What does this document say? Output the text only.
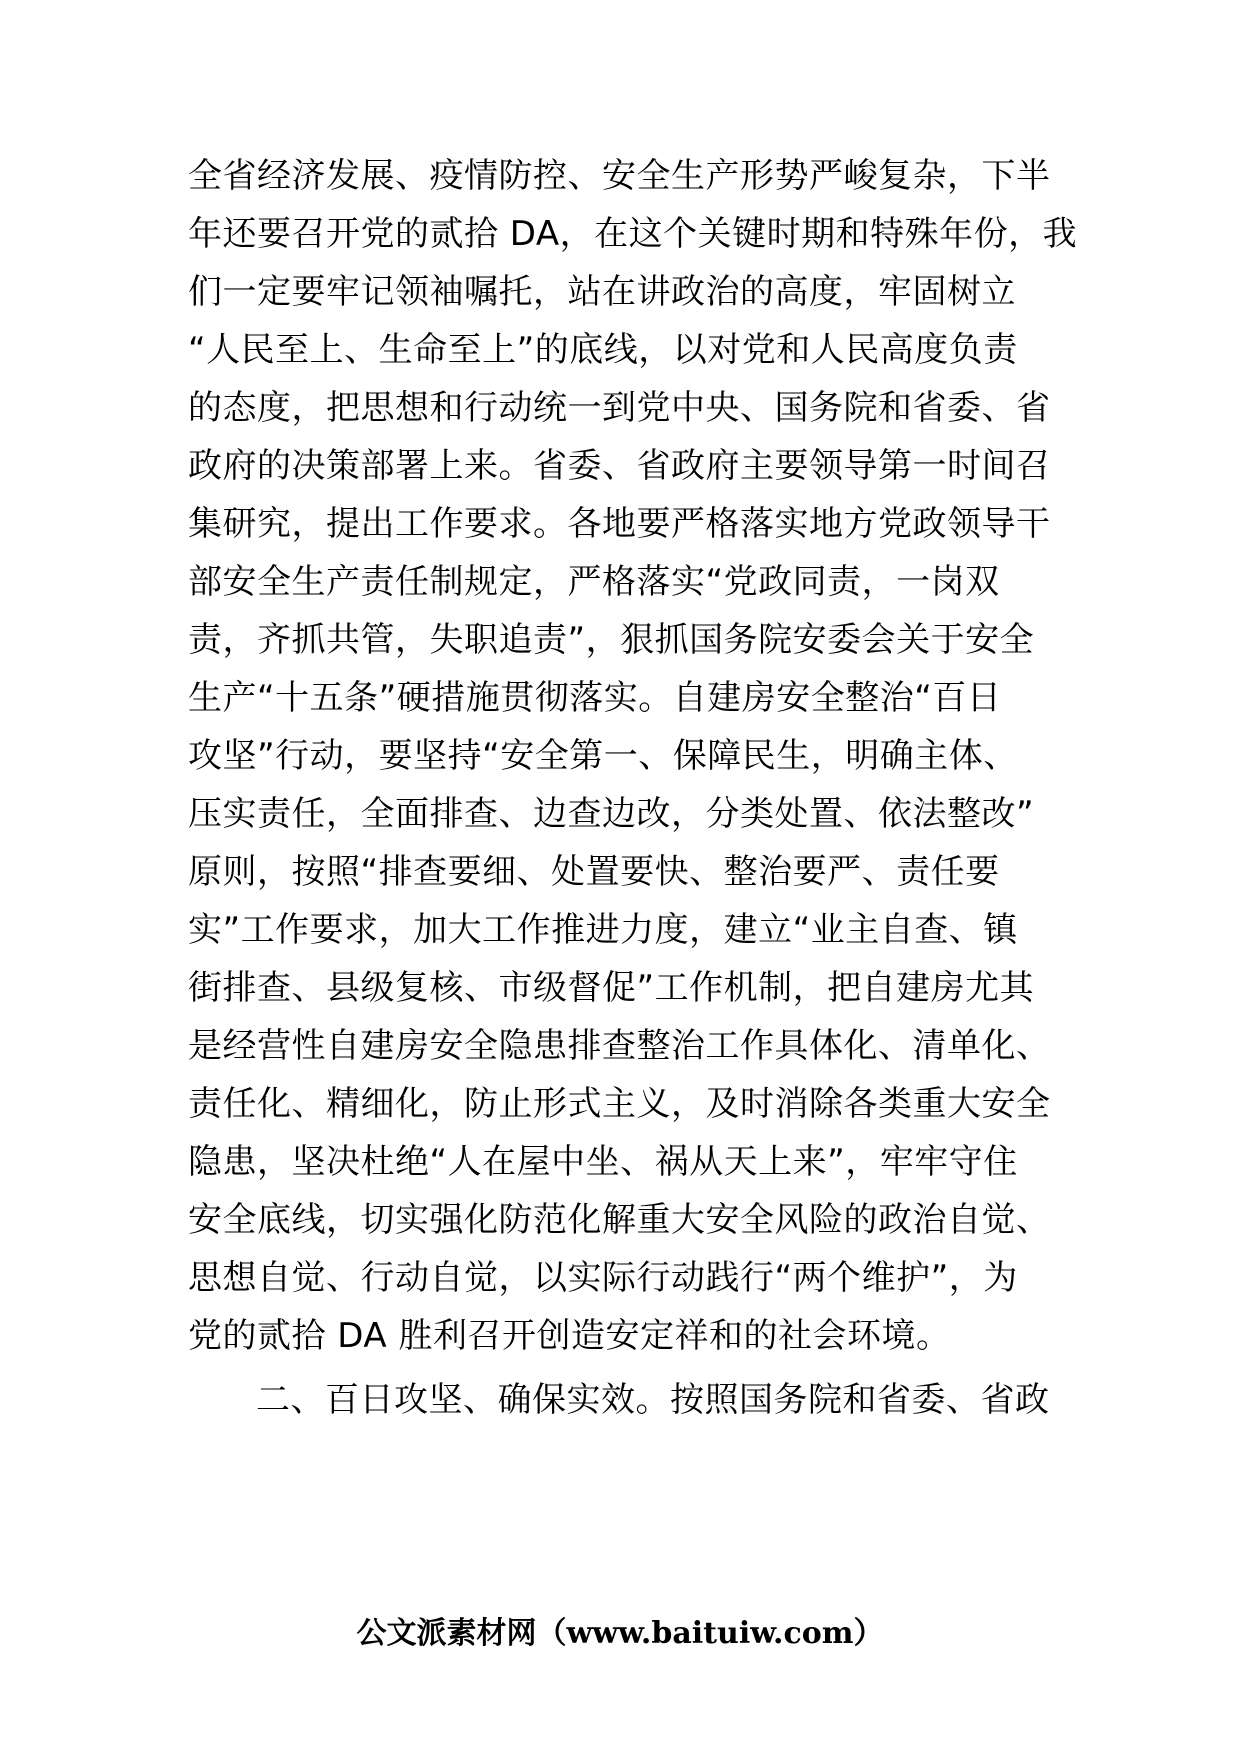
全省经济发展、疫情防控、安全生产形势严峻复杂，下半
年还要召开党的贰拾 DA，在这个关键时期和特殊年份，我
们一定要牢记领袖嘱托，站在讲政治的高度，牢固树立
“人民至上、生命至上”的底线，以对党和人民高度负责
的态度，把思想和行动统一到党中央、国务院和省委、省
政府的决策部署上来。省委、省政府主要领导第一时间召
集研究，提出工作要求。各地要严格落实地方党政领导干
部安全生产责任制规定，严格落实“党政同责，一岗双
责，齐抓共管，失职追责”，狠抓国务院安委会关于安全
生产“十五条”硬措施贯彻落实。自建房安全整治“百日
攻坚”行动，要坚持“安全第一、保障民生，明确主体、
压实责任，全面排查、边查边改，分类处置、依法整改”
原则，按照“排查要细、处置要快、整治要严、责任要
实”工作要求，加大工作推进力度，建立“业主自查、镇
街排查、县级复核、市级督促”工作机制，把自建房尤其
是经营性自建房安全隐患排查整治工作具体化、清单化、
责任化、精细化，防止形式主义，及时消除各类重大安全
隐患，坚决杜绝“人在屋中坐、祸从天上来”，牢牢守住
安全底线，切实强化防范化解重大安全风险的政治自觉、
思想自觉、行动自觉，以实际行动践行“两个维护”，为
党的贰拾 DA 胜利召开创造安定祥和的社会环境。
二、百日攻坚、确保实效。按照国务院和省委、省政
公文派素材网（www.baituiw.com）
